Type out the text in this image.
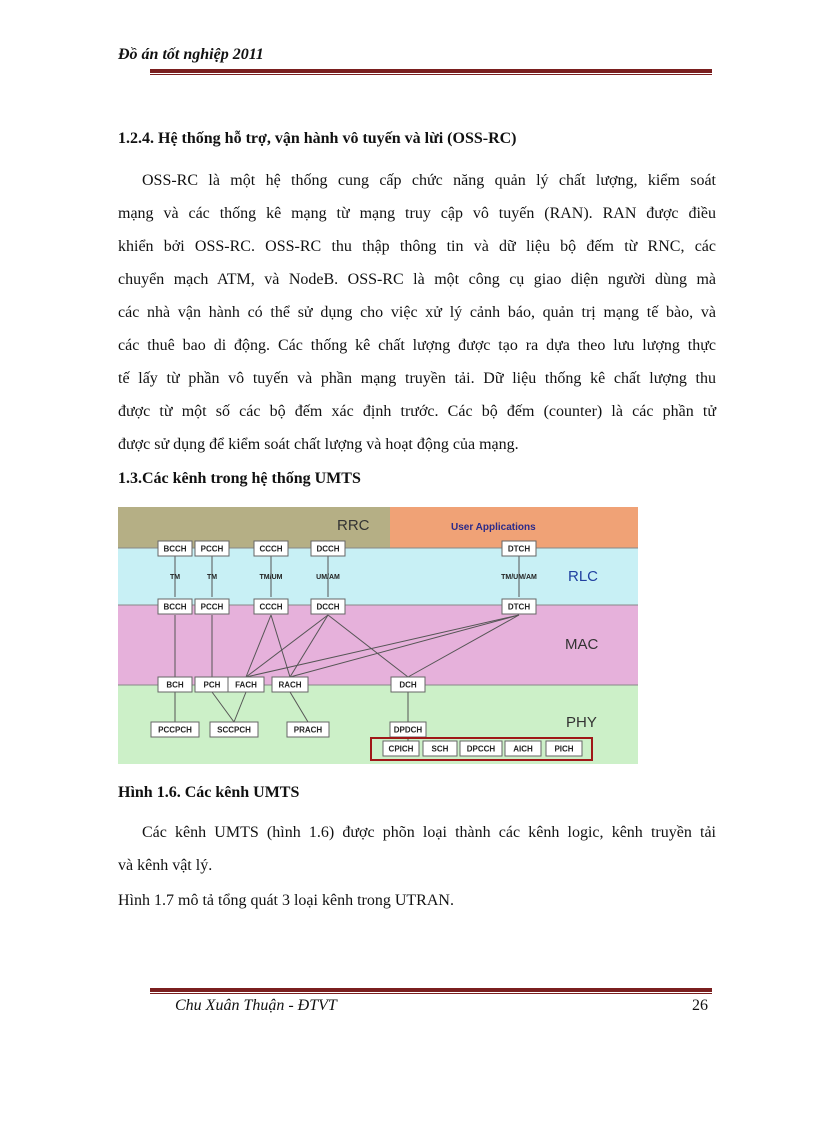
Đồ án tốt nghiệp 2011
1.2.4. Hệ thống hỗ trợ, vận hành vô tuyến và lừi (OSS-RC)
OSS-RC là một hệ thống cung cấp chức năng quản lý chất lượng, kiểm soát
mạng và các thống kê mạng từ mạng truy cập vô tuyến (RAN). RAN được điều
khiển bởi OSS-RC. OSS-RC thu thập thông tin và dữ liệu bộ đếm từ RNC, các
chuyển mạch ATM, và NodeB. OSS-RC là một công cụ giao diện người dùng mà
các nhà vận hành có thể sử dụng cho việc xử lý cảnh báo, quản trị mạng tế bào, và
các thuê bao di động. Các thống kê chất lượng được tạo ra dựa theo lưu lượng thực
tế lấy từ phần vô tuyến và phần mạng truyền tải. Dữ liệu thống kê chất lượng thu
được từ một số các bộ đếm xác định trước. Các bộ đếm (counter) là các phần tử
được sử dụng để kiểm soát chất lượng và hoạt động của mạng.
1.3.Các kênh trong hệ thống UMTS
RRC	User Applications
RLC
MAC
PHY
BCCH PCCH	CCCH	DCCH	DTCH
TM	TM	TM/UM	UM/AM	TM/UM/AM
BCCH PCCH	CCCH	DCCH	DTCH
BCH PCH FACH	RACH	DCH
PCCPCH	SCCPCH	PRACH	DPDCH
CPICH SCH DPCCH AICH	PICH
Hình 1.6. Các kênh UMTS
Các kênh UMTS (hình 1.6) được phõn loại thành các kênh logic, kênh truyền tải
và kênh vật lý.
Hình 1.7 mô tả tổng quát 3 loại kênh trong UTRAN.
Chu Xuân Thuận - ĐTVT	26
